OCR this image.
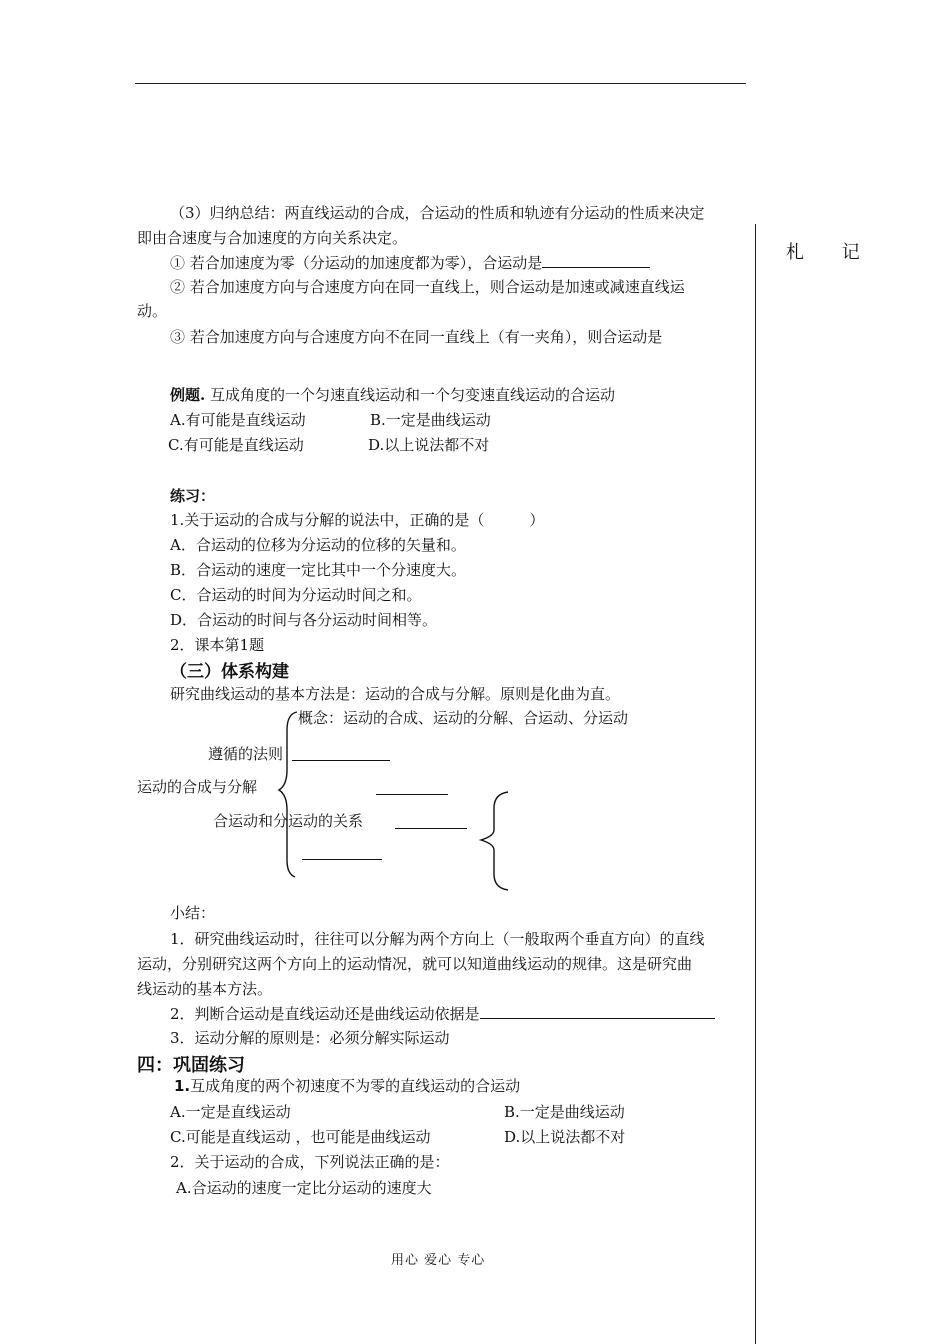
札 记
（3）归纳总结：两直线运动的合成，合运动的性质和轨迹有分运动的性质来决定
即由合速度与合加速度的方向关系决定。
① 若合加速度为零（分运动的加速度都为零），合运动是
② 若合加速度方向与合速度方向在同一直线上，则合运动是加速或减速直线运
动。
③ 若合加速度方向与合速度方向不在同一直线上（有一夹角），则合运动是
例题. 互成角度的一个匀速直线运动和一个匀变速直线运动的合运动
A.有可能是直线运动	B.一定是曲线运动
C.有可能是直线运动	D.以上说法都不对
练习：
1.关于运动的合成与分解的说法中，正确的是（　　　）
A．合运动的位移为分运动的位移的矢量和。
B．合运动的速度一定比其中一个分速度大。
C．合运动的时间为分运动时间之和。
D．合运动的时间与各分运动时间相等。
2．课本第1题
（三）体系构建
研究曲线运动的基本方法是：运动的合成与分解。原则是化曲为直。
概念：运动的合成、运动的分解、合运动、分运动
遵循的法则
运动的合成与分解
合运动和分运动的关系
小结：
1．研究曲线运动时，往往可以分解为两个方向上（一般取两个垂直方向）的直线
运动，分别研究这两个方向上的运动情况，就可以知道曲线运动的规律。这是研究曲
线运动的基本方法。
2．判断合运动是直线运动还是曲线运动依据是
3．运动分解的原则是：必须分解实际运动
四：巩固练习
1.互成角度的两个初速度不为零的直线运动的合运动
A.一定是直线运动	B.一定是曲线运动
C.可能是直线运动 ，也可能是曲线运动	D.以上说法都不对
2．关于运动的合成，下列说法正确的是：
A.合运动的速度一定比分运动的速度大
用心 爱心 专心
